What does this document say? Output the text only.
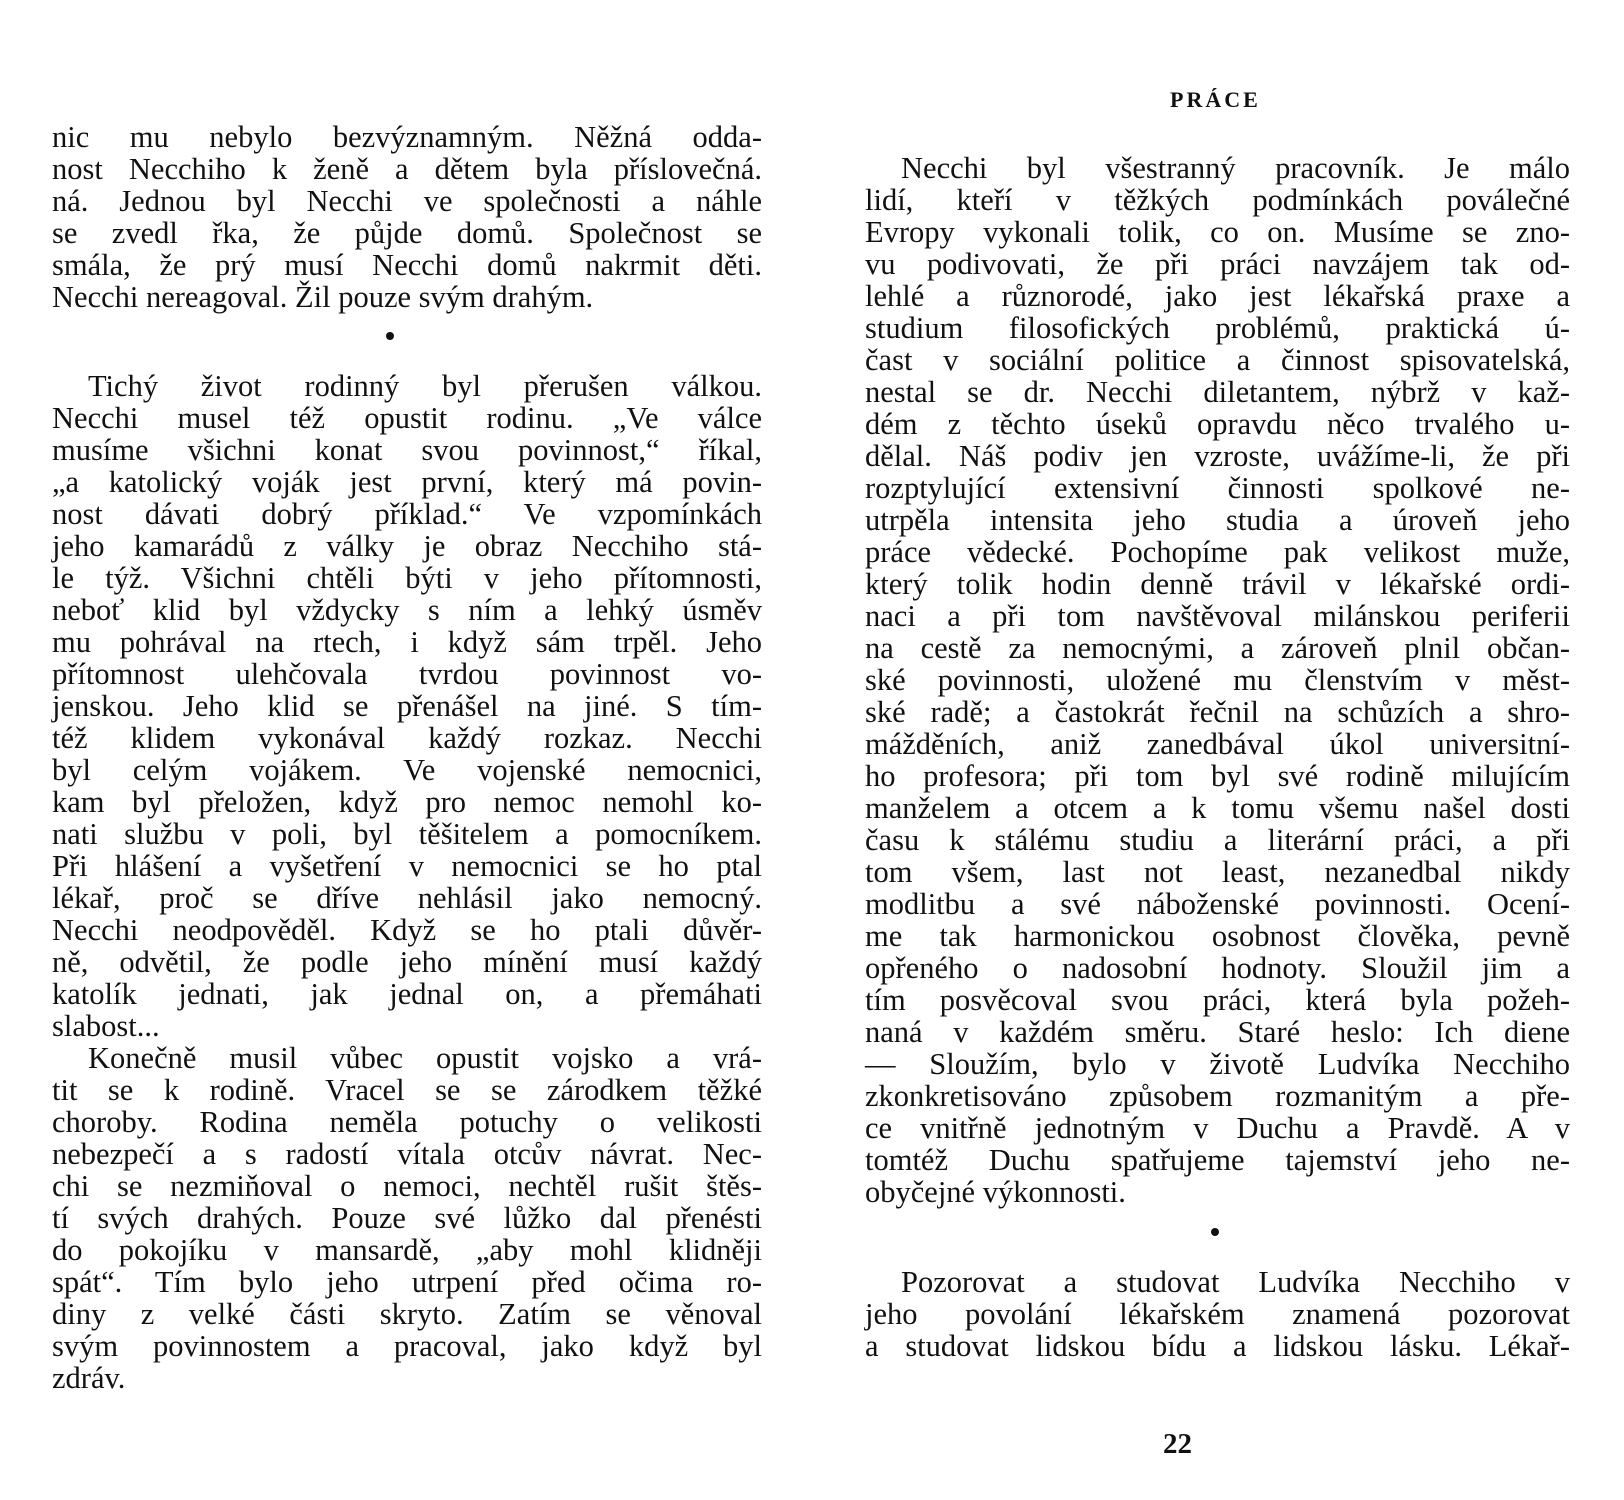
nic mu nebylo bezvýznamným. Něžná odda-
nost Necchiho k ženě a dětem byla příslovečná.
ná. Jednou byl Necchi ve společnosti a náhle
se zvedl řka, že půjde domů. Společnost se
smála, že prý musí Necchi domů nakrmit děti.
Necchi nereagoval. Žil pouze svým drahým.
Tichý život rodinný byl přerušen válkou.
Necchi musel též opustit rodinu. „Ve válce
musíme všichni konat svou povinnost,“ říkal,
„a katolický voják jest první, který má povin-
nost dávati dobrý příklad.“ Ve vzpomínkách
jeho kamarádů z války je obraz Necchiho stá-
le týž. Všichni chtěli býti v jeho přítomnosti,
neboť klid byl vždycky s ním a lehký úsměv
mu pohrával na rtech, i když sám trpěl. Jeho
přítomnost ulehčovala tvrdou povinnost vo-
jenskou. Jeho klid se přenášel na jiné. S tím-
též klidem vykonával každý rozkaz. Necchi
byl celým vojákem. Ve vojenské nemocnici,
kam byl přeložen, když pro nemoc nemohl ko-
nati službu v poli, byl těšitelem a pomocníkem.
Při hlášení a vyšetření v nemocnici se ho ptal
lékař, proč se dříve nehlásil jako nemocný.
Necchi neodpověděl. Když se ho ptali důvěr-
ně, odvětil, že podle jeho mínění musí každý
katolík jednati, jak jednal on, a přemáhati
slabost...
Konečně musil vůbec opustit vojsko a vrá-
tit se k rodině. Vracel se se zárodkem těžké
choroby. Rodina neměla potuchy o velikosti
nebezpečí a s radostí vítala otcův návrat. Nec-
chi se nezmiňoval o nemoci, nechtěl rušit štěs-
tí svých drahých. Pouze své lůžko dal přenésti
do pokojíku v mansardě, „aby mohl klidněji
spát“. Tím bylo jeho utrpení před očima ro-
diny z velké části skryto. Zatím se věnoval
svým povinnostem a pracoval, jako když byl
zdráv.
PRÁCE
Necchi byl všestranný pracovník. Je málo
lidí, kteří v těžkých podmínkách poválečné
Evropy vykonali tolik, co on. Musíme se zno-
vu podivovati, že při práci navzájem tak od-
lehlé a různorodé, jako jest lékařská praxe a
studium filosofických problémů, praktická ú-
čast v sociální politice a činnost spisovatelská,
nestal se dr. Necchi diletantem, nýbrž v kaž-
dém z těchto úseků opravdu něco trvalého u-
dělal. Náš podiv jen vzroste, uvážíme-li, že při
rozptylující extensivní činnosti spolkové ne-
utrpěla intensita jeho studia a úroveň jeho
práce vědecké. Pochopíme pak velikost muže,
který tolik hodin denně trávil v lékařské ordi-
naci a při tom navštěvoval milánskou periferii
na cestě za nemocnými, a zároveň plnil občan-
ské povinnosti, uložené mu členstvím v měst-
ské radě; a častokrát řečnil na schůzích a shro-
mážděních, aniž zanedbával úkol universitní-
ho profesora; při tom byl své rodině milujícím
manželem a otcem a k tomu všemu našel dosti
času k stálému studiu a literární práci, a při
tom všem, last not least, nezanedbal nikdy
modlitbu a své náboženské povinnosti. Ocení-
me tak harmonickou osobnost člověka, pevně
opřeného o nadosobní hodnoty. Sloužil jim a
tím posvěcoval svou práci, která byla požeh-
naná v každém směru. Staré heslo: Ich diene
— Sloužím, bylo v životě Ludvíka Necchiho
zkonkretisováno způsobem rozmanitým a pře-
ce vnitřně jednotným v Duchu a Pravdě. A v
tomtéž Duchu spatřujeme tajemství jeho ne-
obyčejné výkonnosti.
Pozorovat a studovat Ludvíka Necchiho v
jeho povolání lékařském znamená pozorovat
a studovat lidskou bídu a lidskou lásku. Lékař-
22
